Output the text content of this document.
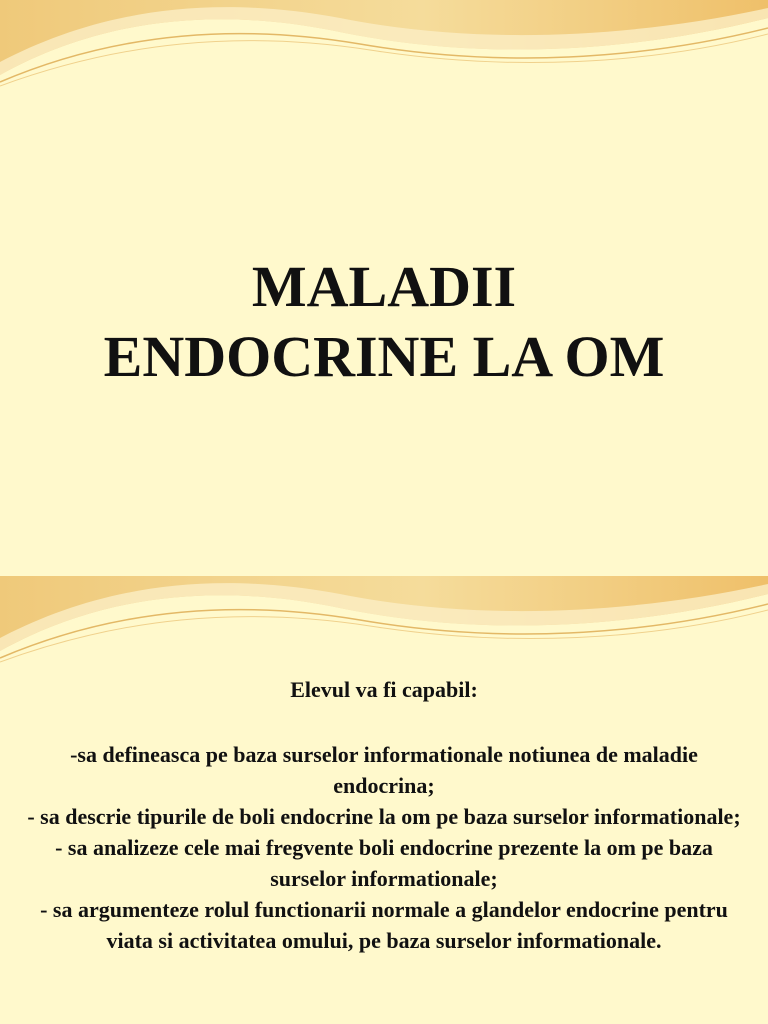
MALADII
ENDOCRINE LA OM

Elevul va fi capabil:

-sa defineasca pe baza surselor informationale notiunea de maladie endocrina;
- sa descrie tipurile de boli endocrine la om pe baza surselor informationale;
- sa analizeze cele mai fregvente boli endocrine prezente la om pe baza surselor informationale;
- sa argumenteze rolul functionarii normale a glandelor endocrine pentru viata si activitatea omului, pe baza surselor informationale.
